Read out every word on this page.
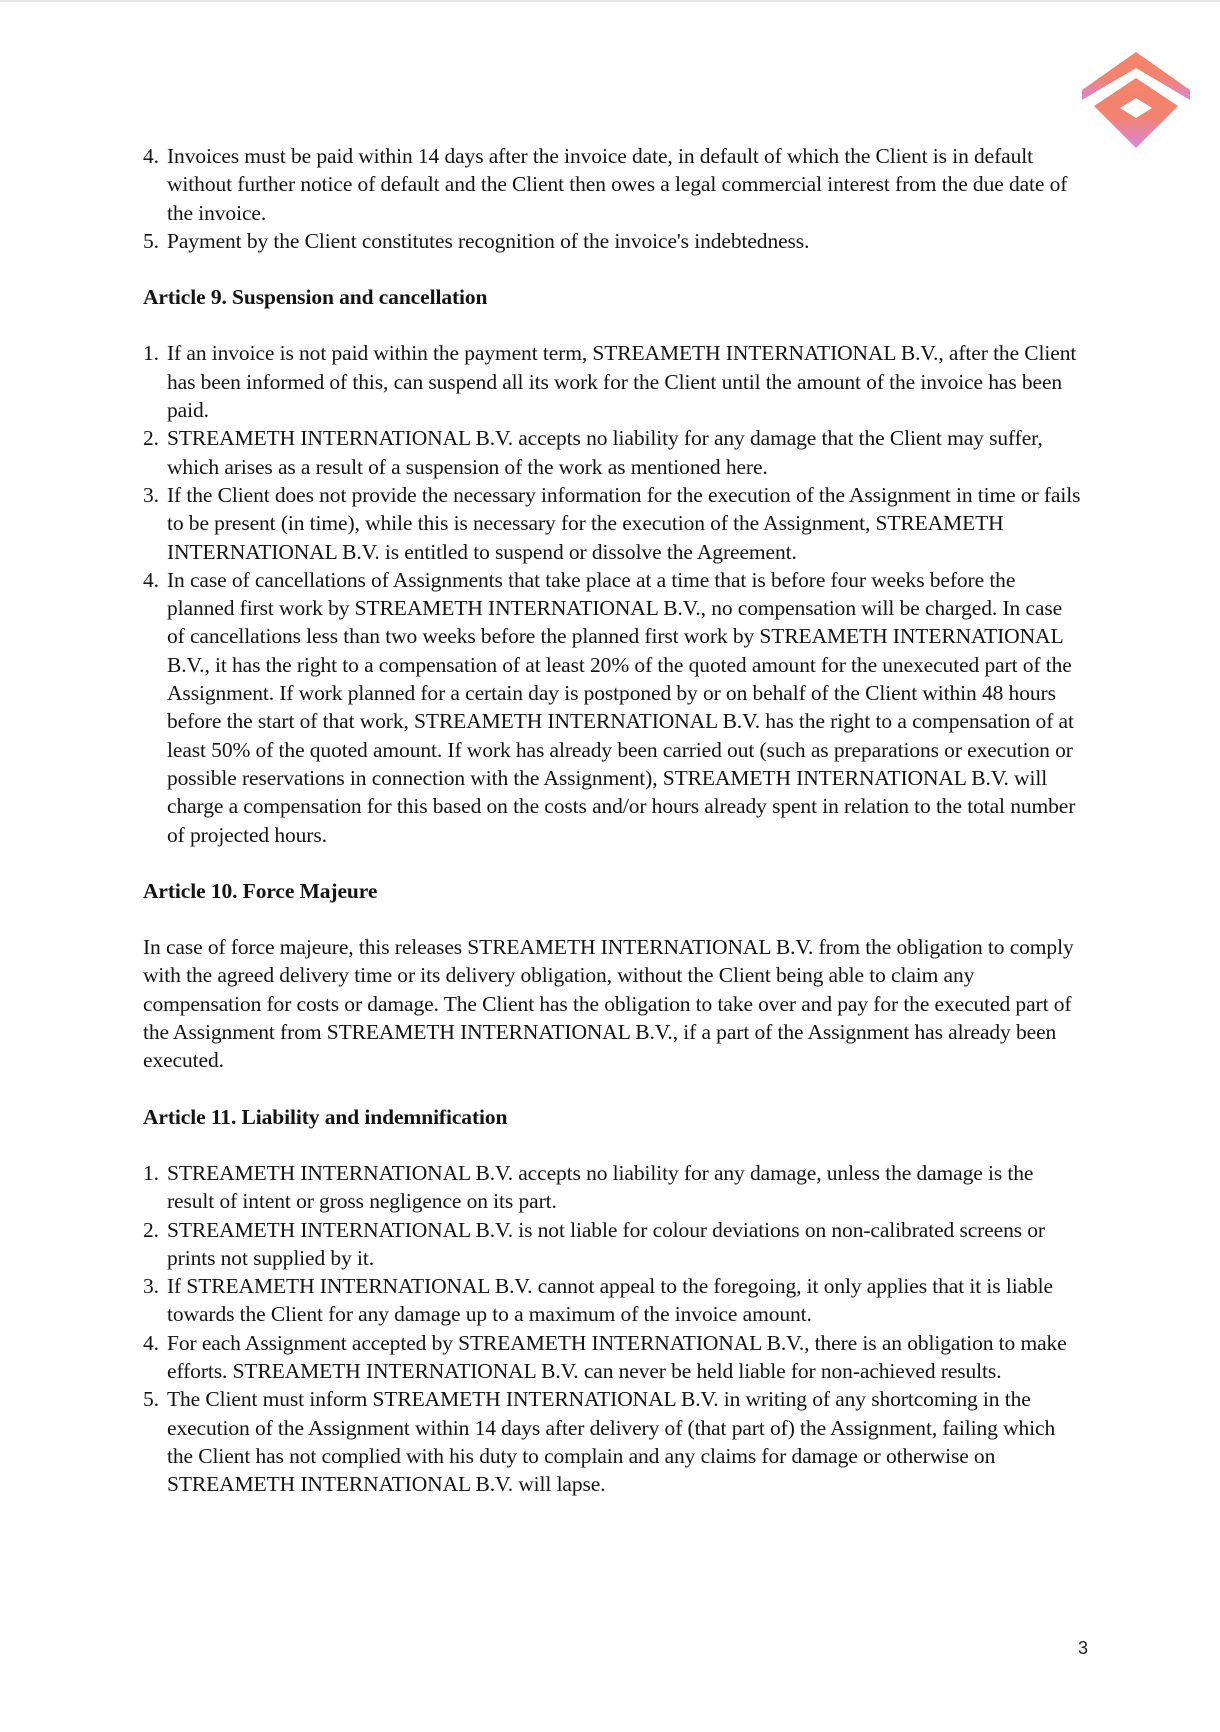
4. Invoices must be paid within 14 days after the invoice date, in default of which the Client is in default without further notice of default and the Client then owes a legal commercial interest from the due date of the invoice.
5. Payment by the Client constitutes recognition of the invoice's indebtedness.
Article 9. Suspension and cancellation
1. If an invoice is not paid within the payment term, STREAMETH INTERNATIONAL B.V., after the Client has been informed of this, can suspend all its work for the Client until the amount of the invoice has been paid.
2. STREAMETH INTERNATIONAL B.V. accepts no liability for any damage that the Client may suffer, which arises as a result of a suspension of the work as mentioned here.
3. If the Client does not provide the necessary information for the execution of the Assignment in time or fails to be present (in time), while this is necessary for the execution of the Assignment, STREAMETH INTERNATIONAL B.V. is entitled to suspend or dissolve the Agreement.
4. In case of cancellations of Assignments that take place at a time that is before four weeks before the planned first work by STREAMETH INTERNATIONAL B.V., no compensation will be charged. In case of cancellations less than two weeks before the planned first work by STREAMETH INTERNATIONAL B.V., it has the right to a compensation of at least 20% of the quoted amount for the unexecuted part of the Assignment. If work planned for a certain day is postponed by or on behalf of the Client within 48 hours before the start of that work, STREAMETH INTERNATIONAL B.V. has the right to a compensation of at least 50% of the quoted amount. If work has already been carried out (such as preparations or execution or possible reservations in connection with the Assignment), STREAMETH INTERNATIONAL B.V. will charge a compensation for this based on the costs and/or hours already spent in relation to the total number of projected hours.
Article 10. Force Majeure

In case of force majeure, this releases STREAMETH INTERNATIONAL B.V. from the obligation to comply with the agreed delivery time or its delivery obligation, without the Client being able to claim any compensation for costs or damage. The Client has the obligation to take over and pay for the executed part of the Assignment from STREAMETH INTERNATIONAL B.V., if a part of the Assignment has already been executed.

Article 11. Liability and indemnification
1. STREAMETH INTERNATIONAL B.V. accepts no liability for any damage, unless the damage is the result of intent or gross negligence on its part.
2. STREAMETH INTERNATIONAL B.V. is not liable for colour deviations on non-calibrated screens or prints not supplied by it.
3. If STREAMETH INTERNATIONAL B.V. cannot appeal to the foregoing, it only applies that it is liable towards the Client for any damage up to a maximum of the invoice amount.
4. For each Assignment accepted by STREAMETH INTERNATIONAL B.V., there is an obligation to make efforts. STREAMETH INTERNATIONAL B.V. can never be held liable for non-achieved results.
5. The Client must inform STREAMETH INTERNATIONAL B.V. in writing of any shortcoming in the execution of the Assignment within 14 days after delivery of (that part of) the Assignment, failing which the Client has not complied with his duty to complain and any claims for damage or otherwise on STREAMETH INTERNATIONAL B.V. will lapse.
3
